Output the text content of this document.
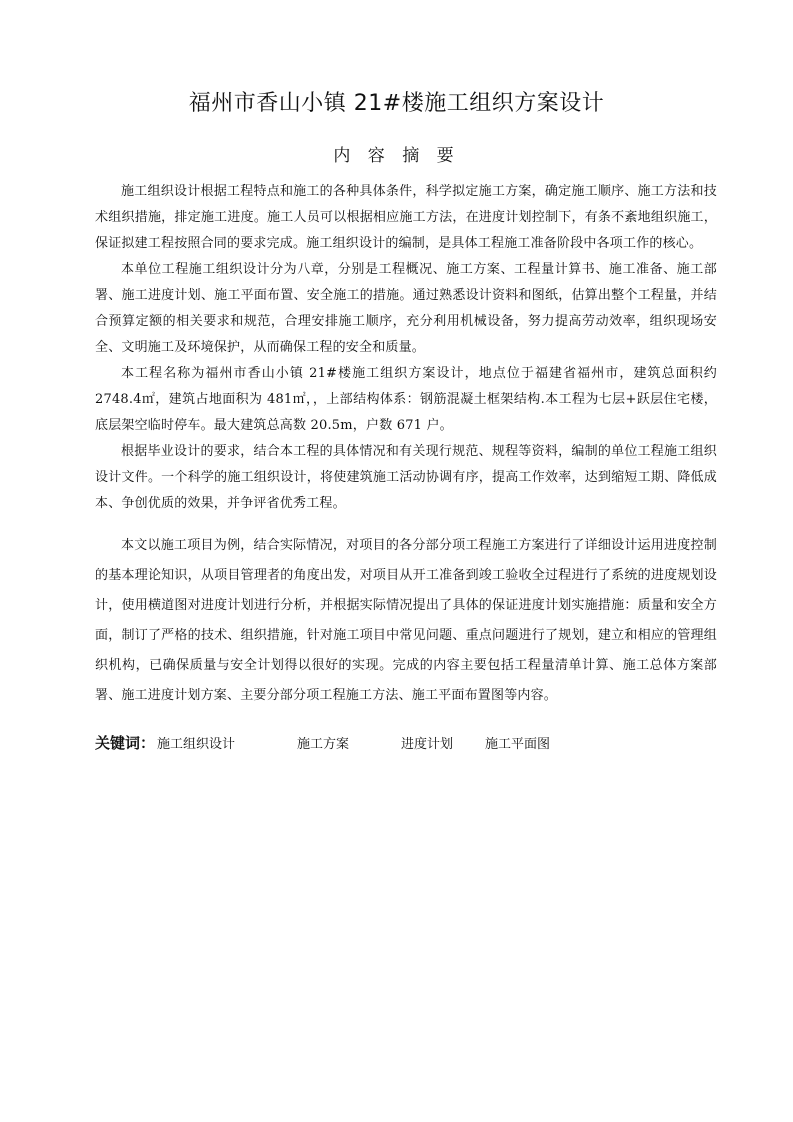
福州市香山小镇 21#楼施工组织方案设计
内 容 摘 要

施工组织设计根据工程特点和施工的各种具体条件，科学拟定施工方案，确定施工顺序、施工方法和技术组织措施，排定施工进度。施工人员可以根据相应施工方法，在进度计划控制下，有条不紊地组织施工，保证拟建工程按照合同的要求完成。施工组织设计的编制，是具体工程施工准备阶段中各项工作的核心。

本单位工程施工组织设计分为八章，分别是工程概况、施工方案、工程量计算书、施工准备、施工部署、施工进度计划、施工平面布置、安全施工的措施。通过熟悉设计资料和图纸，估算出整个工程量，并结合预算定额的相关要求和规范，合理安排施工顺序，充分利用机械设备，努力提高劳动效率，组织现场安全、文明施工及环境保护，从而确保工程的安全和质量。

本工程名称为福州市香山小镇 21#楼施工组织方案设计，地点位于福建省福州市，建筑总面积约 2748.4㎡，建筑占地面积为 481㎡，，上部结构体系：钢筋混凝土框架结构.本工程为七层+跃层住宅楼，底层架空临时停车。最大建筑总高数 20.5m，户数 671 户。

根据毕业设计的要求，结合本工程的具体情况和有关现行规范、规程等资料，编制的单位工程施工组织设计文件。一个科学的施工组织设计，将使建筑施工活动协调有序，提高工作效率，达到缩短工期、降低成本、争创优质的效果，并争评省优秀工程。

本文以施工项目为例，结合实际情况，对项目的各分部分项工程施工方案进行了详细设计运用进度控制的基本理论知识，从项目管理者的角度出发，对项目从开工准备到竣工验收全过程进行了系统的进度规划设计，使用横道图对进度计划进行分析，并根据实际情况提出了具体的保证进度计划实施措施：质量和安全方面，制订了严格的技术、组织措施，针对施工项目中常见问题、重点问题进行了规划，建立和相应的管理组织机构，已确保质量与安全计划得以很好的实现。完成的内容主要包括工程量清单计算、施工总体方案部署、施工进度计划方案、主要分部分项工程施工方法、施工平面布置图等内容。

关键词： 施工组织设计	施工方案	进度计划 施工平面图
